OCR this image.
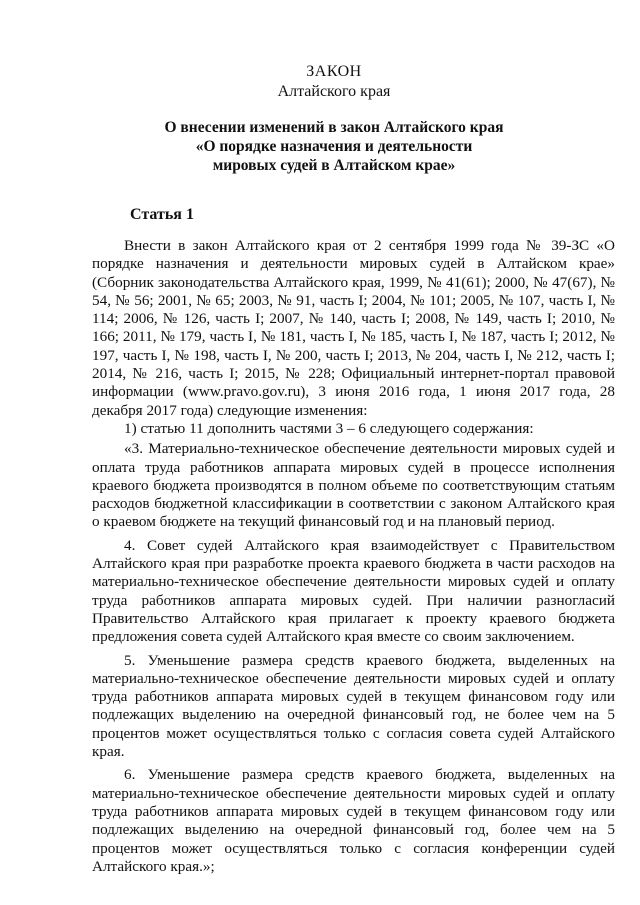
ЗАКОН
Алтайского края
О внесении изменений в закон Алтайского края
«О порядке назначения и деятельности
мировых судей в Алтайском крае»
Статья 1

Внести в закон Алтайского края от 2 сентября 1999 года № 39-ЗС «О порядке назначения и деятельности мировых судей в Алтайском крае» (Сборник законодательства Алтайского края, 1999, № 41(61); 2000, № 47(67), № 54, № 56; 2001, № 65; 2003, № 91, часть I; 2004, № 101; 2005, № 107, часть I, № 114; 2006, № 126, часть I; 2007, № 140, часть I; 2008, № 149, часть I; 2010, № 166; 2011, № 179, часть I, № 181, часть I, № 185, часть I, № 187, часть I; 2012, № 197, часть I, № 198, часть I, № 200, часть I; 2013, № 204, часть I, № 212, часть I; 2014, № 216, часть I; 2015, № 228; Официальный интернет-портал правовой информации (www.pravo.gov.ru), 3 июня 2016 года, 1 июня 2017 года, 28 декабря 2017 года) следующие изменения:

1) статью 11 дополнить частями 3 – 6 следующего содержания:

«3. Материально-техническое обеспечение деятельности мировых судей и оплата труда работников аппарата мировых судей в процессе исполнения краевого бюджета производятся в полном объеме по соответствующим статьям расходов бюджетной классификации в соответствии с законом Алтайского края о краевом бюджете на текущий финансовый год и на плановый период.

4. Совет судей Алтайского края взаимодействует с Правительством Алтайского края при разработке проекта краевого бюджета в части расходов на материально-техническое обеспечение деятельности мировых судей и оплату труда работников аппарата мировых судей. При наличии разногласий Правительство Алтайского края прилагает к проекту краевого бюджета предложения совета судей Алтайского края вместе со своим заключением.

5. Уменьшение размера средств краевого бюджета, выделенных на материально-техническое обеспечение деятельности мировых судей и оплату труда работников аппарата мировых судей в текущем финансовом году или подлежащих выделению на очередной финансовый год, не более чем на 5 процентов может осуществляться только с согласия совета судей Алтайского края.

6. Уменьшение размера средств краевого бюджета, выделенных на материально-техническое обеспечение деятельности мировых судей и оплату труда работников аппарата мировых судей в текущем финансовом году или подлежащих выделению на очередной финансовый год, более чем на 5 процентов может осуществляться только с согласия конференции судей Алтайского края.»;
